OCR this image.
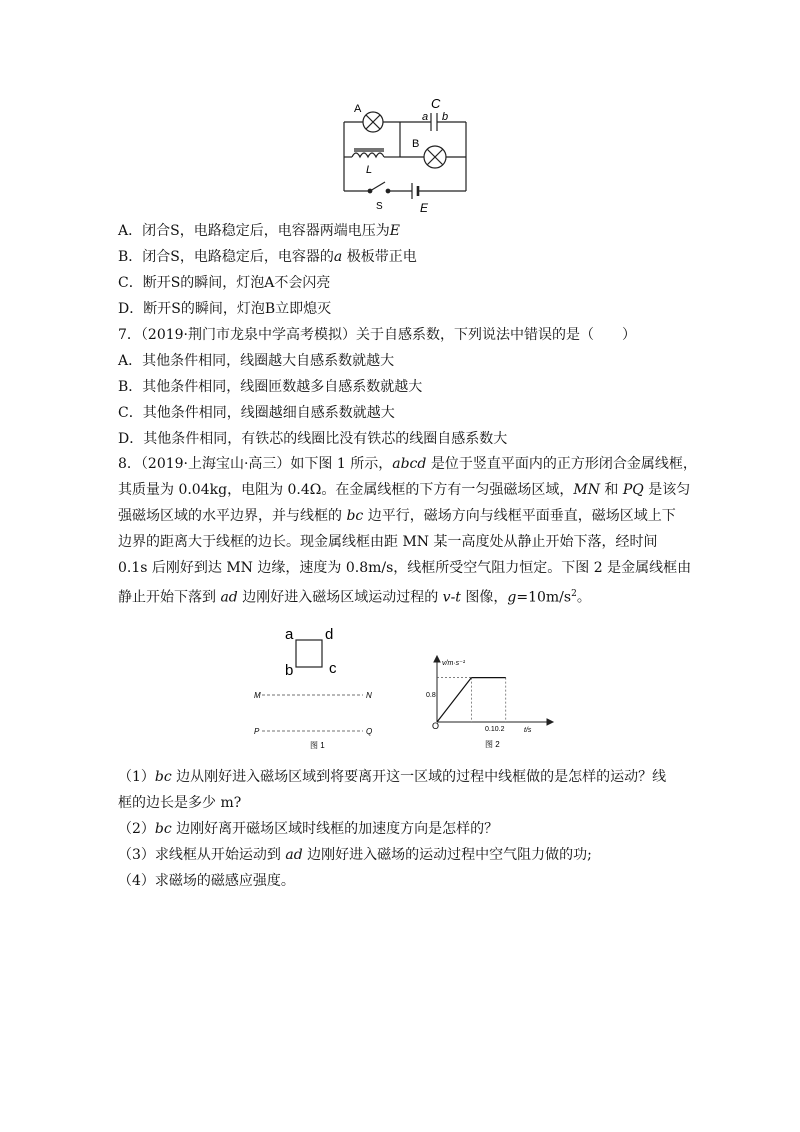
A	C
a b
B
L
S	E
A．闭合S，电路稳定后，电容器两端电压为E
B．闭合S，电路稳定后，电容器的a 极板带正电
C．断开S的瞬间，灯泡A不会闪亮
D．断开S的瞬间，灯泡B立即熄灭
7．（2019·荆门市龙泉中学高考模拟）关于自感系数，下列说法中错误的是（　　）
A．其他条件相同，线圈越大自感系数就越大
B．其他条件相同，线圈匝数越多自感系数就越大
C．其他条件相同，线圈越细自感系数就越大
D．其他条件相同，有铁芯的线圈比没有铁芯的线圈自感系数大
8．（2019·上海宝山·高三）如下图 1 所示，abcd 是位于竖直平面内的正方形闭合金属线框，
其质量为 0.04kg，电阻为 0.4Ω。在金属线框的下方有一匀强磁场区域，MN 和 PQ 是该匀
强磁场区域的水平边界，并与线框的 bc 边平行，磁场方向与线框平面垂直，磁场区域上下
边界的距离大于线框的边长。现金属线框由距 MN 某一高度处从静止开始下落，经时间
0.1s 后刚好到达 MN 边缘，速度为 0.8m/s，线框所受空气阻力恒定。下图 2 是金属线框由
静止开始下落到 ad 边刚好进入磁场区域运动过程的 v-t 图像，$g=10m/s^2$。
a d
b c
M	N
P	Q
图 1
v/m·s⁻¹
t/s
O
0.8
0.10.2
图 2
（1）bc 边从刚好进入磁场区域到将要离开这一区域的过程中线框做的是怎样的运动？线
框的边长是多少 m?
（2）bc 边刚好离开磁场区域时线框的加速度方向是怎样的？
（3）求线框从开始运动到 ad 边刚好进入磁场的运动过程中空气阻力做的功;
（4）求磁场的磁感应强度。
